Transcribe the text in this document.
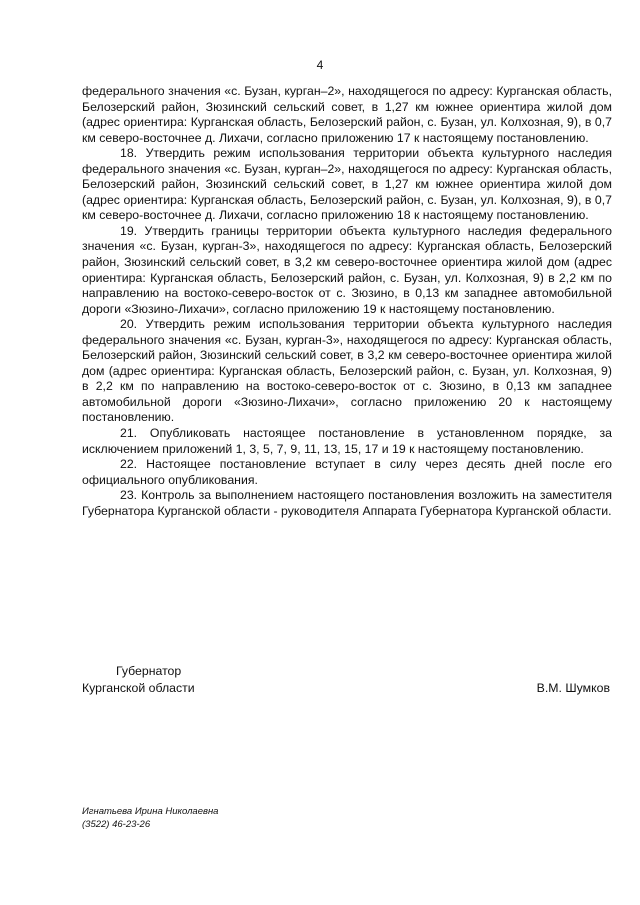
4

федерального значения «с. Бузан, курган–2», находящегося по адресу: Курганская область, Белозерский район, Зюзинский сельский совет, в 1,27 км южнее ориентира жилой дом (адрес ориентира: Курганская область, Белозерский район, с. Бузан, ул. Колхозная, 9), в 0,7 км северо-восточнее д. Лихачи, согласно приложению 17 к настоящему постановлению.

18. Утвердить режим использования территории объекта культурного наследия федерального значения «с. Бузан, курган–2», находящегося по адресу: Курганская область, Белозерский район, Зюзинский сельский совет, в 1,27 км южнее ориентира жилой дом (адрес ориентира: Курганская область, Белозерский район, с. Бузан, ул. Колхозная, 9), в 0,7 км северо-восточнее д. Лихачи, согласно приложению 18 к настоящему постановлению.

19. Утвердить границы территории объекта культурного наследия федерального значения «с. Бузан, курган-3», находящегося по адресу: Курганская область, Белозерский район, Зюзинский сельский совет, в 3,2 км северо-восточнее ориентира жилой дом (адрес ориентира: Курганская область, Белозерский район, с. Бузан, ул. Колхозная, 9) в 2,2 км по направлению на востоко-северо-восток от с. Зюзино, в 0,13 км западнее автомобильной дороги «Зюзино-Лихачи», согласно приложению 19 к настоящему постановлению.

20. Утвердить режим использования территории объекта культурного наследия федерального значения «с. Бузан, курган-3», находящегося по адресу: Курганская область, Белозерский район, Зюзинский сельский совет, в 3,2 км северо-восточнее ориентира жилой дом (адрес ориентира: Курганская область, Белозерский район, с. Бузан, ул. Колхозная, 9) в 2,2 км по направлению на востоко-северо-восток от с. Зюзино, в 0,13 км западнее автомобильной дороги «Зюзино-Лихачи», согласно приложению 20 к настоящему постановлению.

21. Опубликовать настоящее постановление в установленном порядке, за исключением приложений 1, 3, 5, 7, 9, 11, 13, 15, 17 и 19 к настоящему постановлению.

22. Настоящее постановление вступает в силу через десять дней после его официального опубликования.

23. Контроль за выполнением настоящего постановления возложить на заместителя Губернатора Курганской области - руководителя Аппарата Губернатора Курганской области.

Губернатор
Курганской области	В.М. Шумков
Игнатьева Ирина Николаевна
(3522) 46-23-26
